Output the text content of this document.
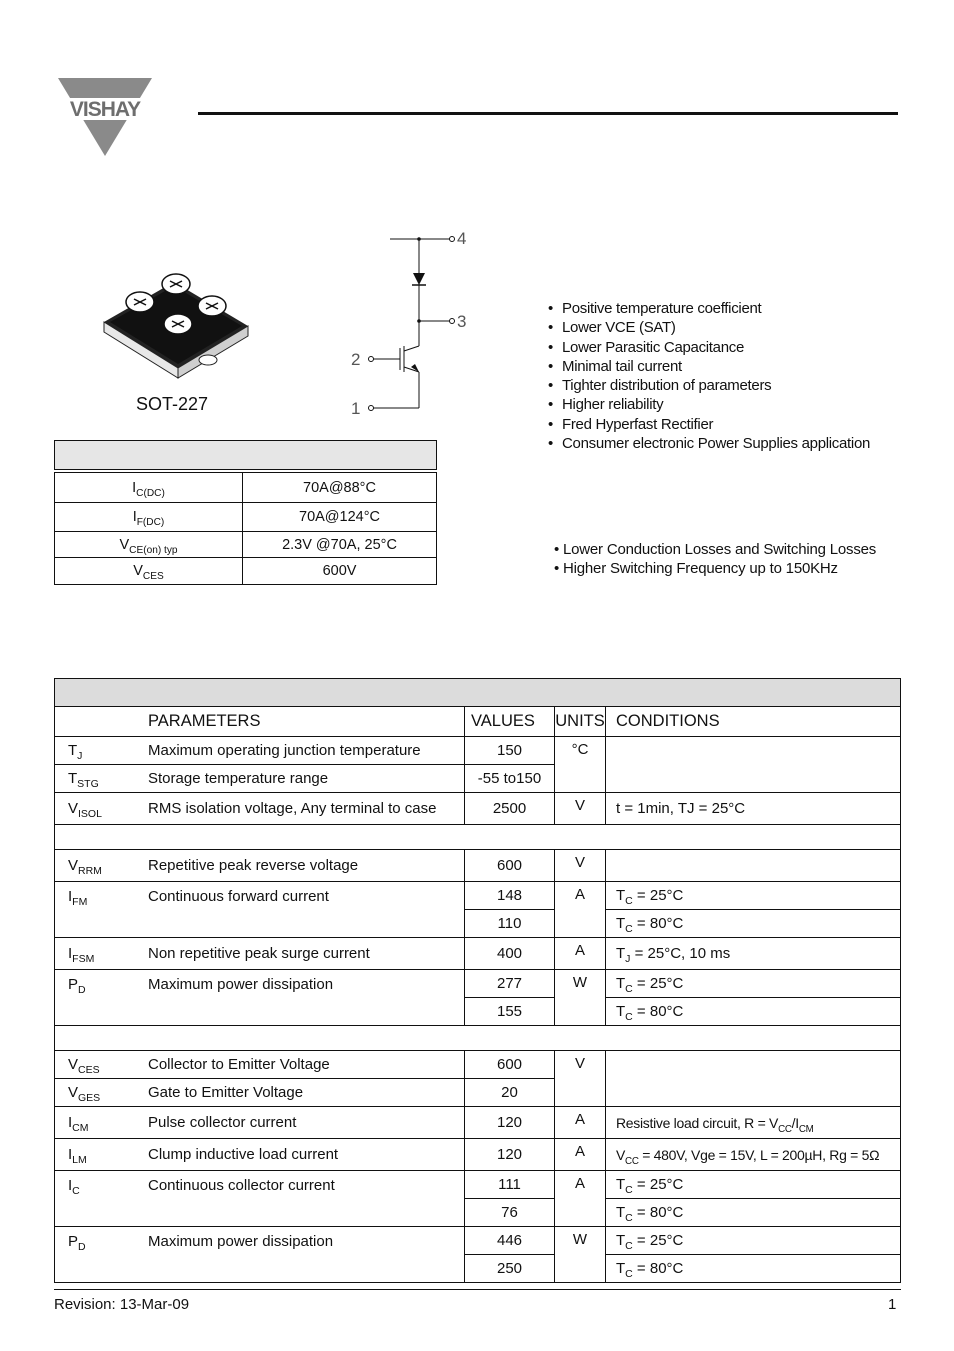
VISHAY
SOT-227
4
3
2
1
• Positive temperature coefficient
• Lower VCE (SAT)
• Lower Parasitic Capacitance
• Minimal tail current
• Tighter distribution of parameters
• Higher reliability
• Fred Hyperfast Rectifier
• Consumer electronic Power Supplies application
• Lower Conduction Losses and Switching Losses
• Higher Switching Frequency up to 150KHz

$I_{C(DC)}$	70A@88°C
$I_{F(DC)}$	70A@124°C
$V_{CE(on) typ}$	2.3V @70A, 25°C
$V_{CES}$	600V

	PARAMETERS	VALUES	UNITS	CONDITIONS
$T_J$	Maximum operating junction temperature	150	°C	
$T_{STG}$	Storage temperature range	-55 to150		
$V_{ISOL}$	RMS isolation voltage, Any terminal to case	2500	V	t = 1min, TJ = 25°C

$V_{RRM}$	Repetitive peak reverse voltage	600	V	
$I_{FM}$	Continuous forward current	148	A	$T_C = 25^\circ C$
		110		$T_C = 80^\circ C$
$I_{FSM}$	Non repetitive peak surge current	400	A	$T_J = 25^\circ C$, 10 ms
$P_D$	Maximum power dissipation	277	W	$T_C = 25^\circ C$
		155		$T_C = 80^\circ C$

$V_{CES}$	Collector to Emitter Voltage	600	V	
$V_{GES}$	Gate to Emitter Voltage	20		
$I_{CM}$	Pulse collector current	120	A	Resistive load circuit, $R = V_{CC}/I_{CM}$
$I_{LM}$	Clump inductive load current	120	A	$V_{CC} = 480V$, Vge = 15V, L = 200µH, Rg = 5Ω
$I_C$	Continuous collector current	111	A	$T_C = 25^\circ C$
		76		$T_C = 80^\circ C$
$P_D$	Maximum power dissipation	446	W	$T_C = 25^\circ C$
		250		$T_C = 80^\circ C$
Revision: 13-Mar-09	1
